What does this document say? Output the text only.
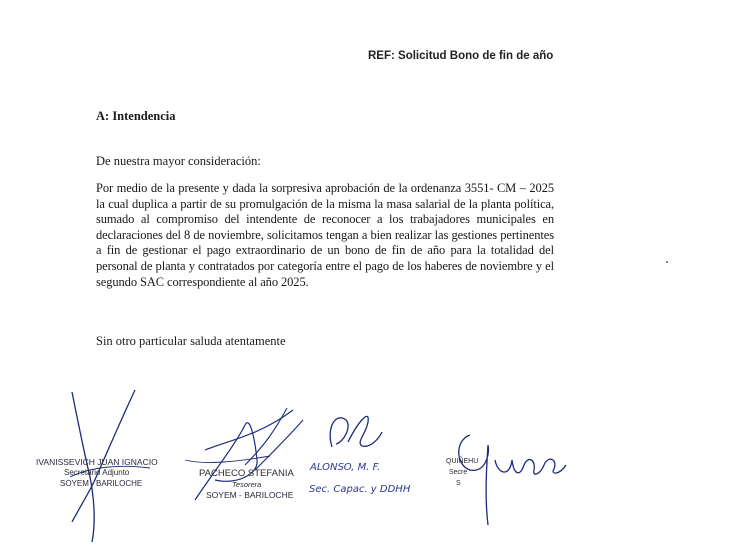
REF: Solicitud Bono de fin de año
A: Intendencia
De nuestra mayor consideración:
Por medio de la presente y dada la sorpresiva aprobación de la ordenanza 3551- CM – 2025 la cual duplica a partir de su promulgación de la misma la masa salarial de la planta política, sumado al compromiso del intendente de reconocer a los trabajadores municipales en declaraciones del 8 de noviembre, solicitamos tengan a bien realizar las gestiones pertinentes a fin de gestionar el pago extraordinario de un bono de fin de año para la totalidad del personal de planta y contratados por categoría entre el pago de los haberes de noviembre y el segundo SAC correspondiente al año 2025.
Sin otro particular saluda atentamente
IVANISSEVICH JUAN IGNACIO
Secretario Adjunto
SOYEM - BARILOCHE
PACHECO STEFANIA
Tesorera
SOYEM - BARILOCHE
ALONSO, M. F.
Sec. Capac. y DDHH
QUIÑEHU
Secre
S
